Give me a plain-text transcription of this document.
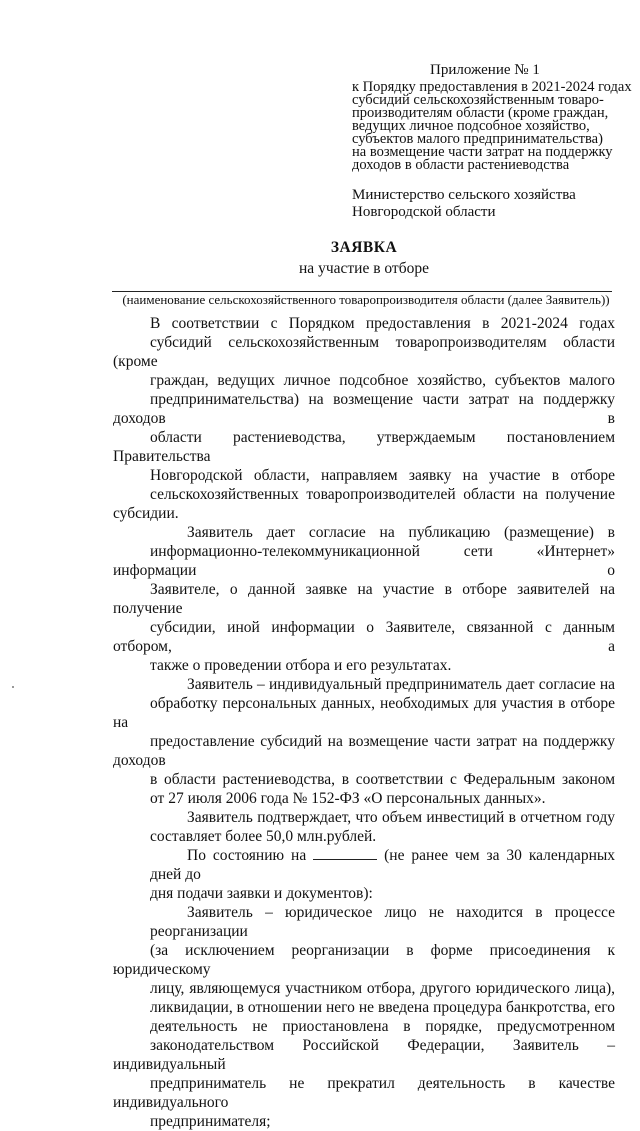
Приложение № 1
к Порядку предоставления в 2021-2024 годах
субсидий сельскохозяйственным товаро-
производителям области (кроме граждан,
ведущих личное подсобное хозяйство,
субъектов малого предпринимательства)
на возмещение части затрат на поддержку
доходов в области растениеводства
Министерство сельского хозяйства
Новгородской области
ЗАЯВКА
на участие в отборе
(наименование сельскохозяйственного товаропроизводителя области (далее Заявитель))

В соответствии с Порядком предоставления в 2021-2024 годах
субсидий сельскохозяйственным товаропроизводителям области (кроме
граждан, ведущих личное подсобное хозяйство, субъектов малого
предпринимательства) на возмещение части затрат на поддержку доходов в
области растениеводства, утверждаемым постановлением Правительства
Новгородской области, направляем заявку на участие в отборе
сельскохозяйственных товаропроизводителей области на получение субсидии.

Заявитель дает согласие на публикацию (размещение) в
информационно-телекоммуникационной сети «Интернет» информации о
Заявителе, о данной заявке на участие в отборе заявителей на получение
субсидии, иной информации о Заявителе, связанной с данным отбором, а
также о проведении отбора и его результатах.

Заявитель – индивидуальный предприниматель дает согласие на
обработку персональных данных, необходимых для участия в отборе на
предоставление субсидий на возмещение части затрат на поддержку доходов
в области растениеводства, в соответствии с Федеральным законом
от 27 июля 2006 года № 152-ФЗ «О персональных данных».

Заявитель подтверждает, что объем инвестиций в отчетном году
составляет более 50,0 млн.рублей.

По состоянию на	(не ранее чем за 30 календарных дней до
дня подачи заявки и документов):

Заявитель – юридическое лицо не находится в процессе реорганизации
(за исключением реорганизации в форме присоединения к юридическому
лицу, являющемуся участником отбора, другого юридического лица),
ликвидации, в отношении него не введена процедура банкротства, его
деятельность не приостановлена в порядке, предусмотренном
законодательством Российской Федерации, Заявитель – индивидуальный
предприниматель не прекратил деятельность в качестве индивидуального
предпринимателя;
